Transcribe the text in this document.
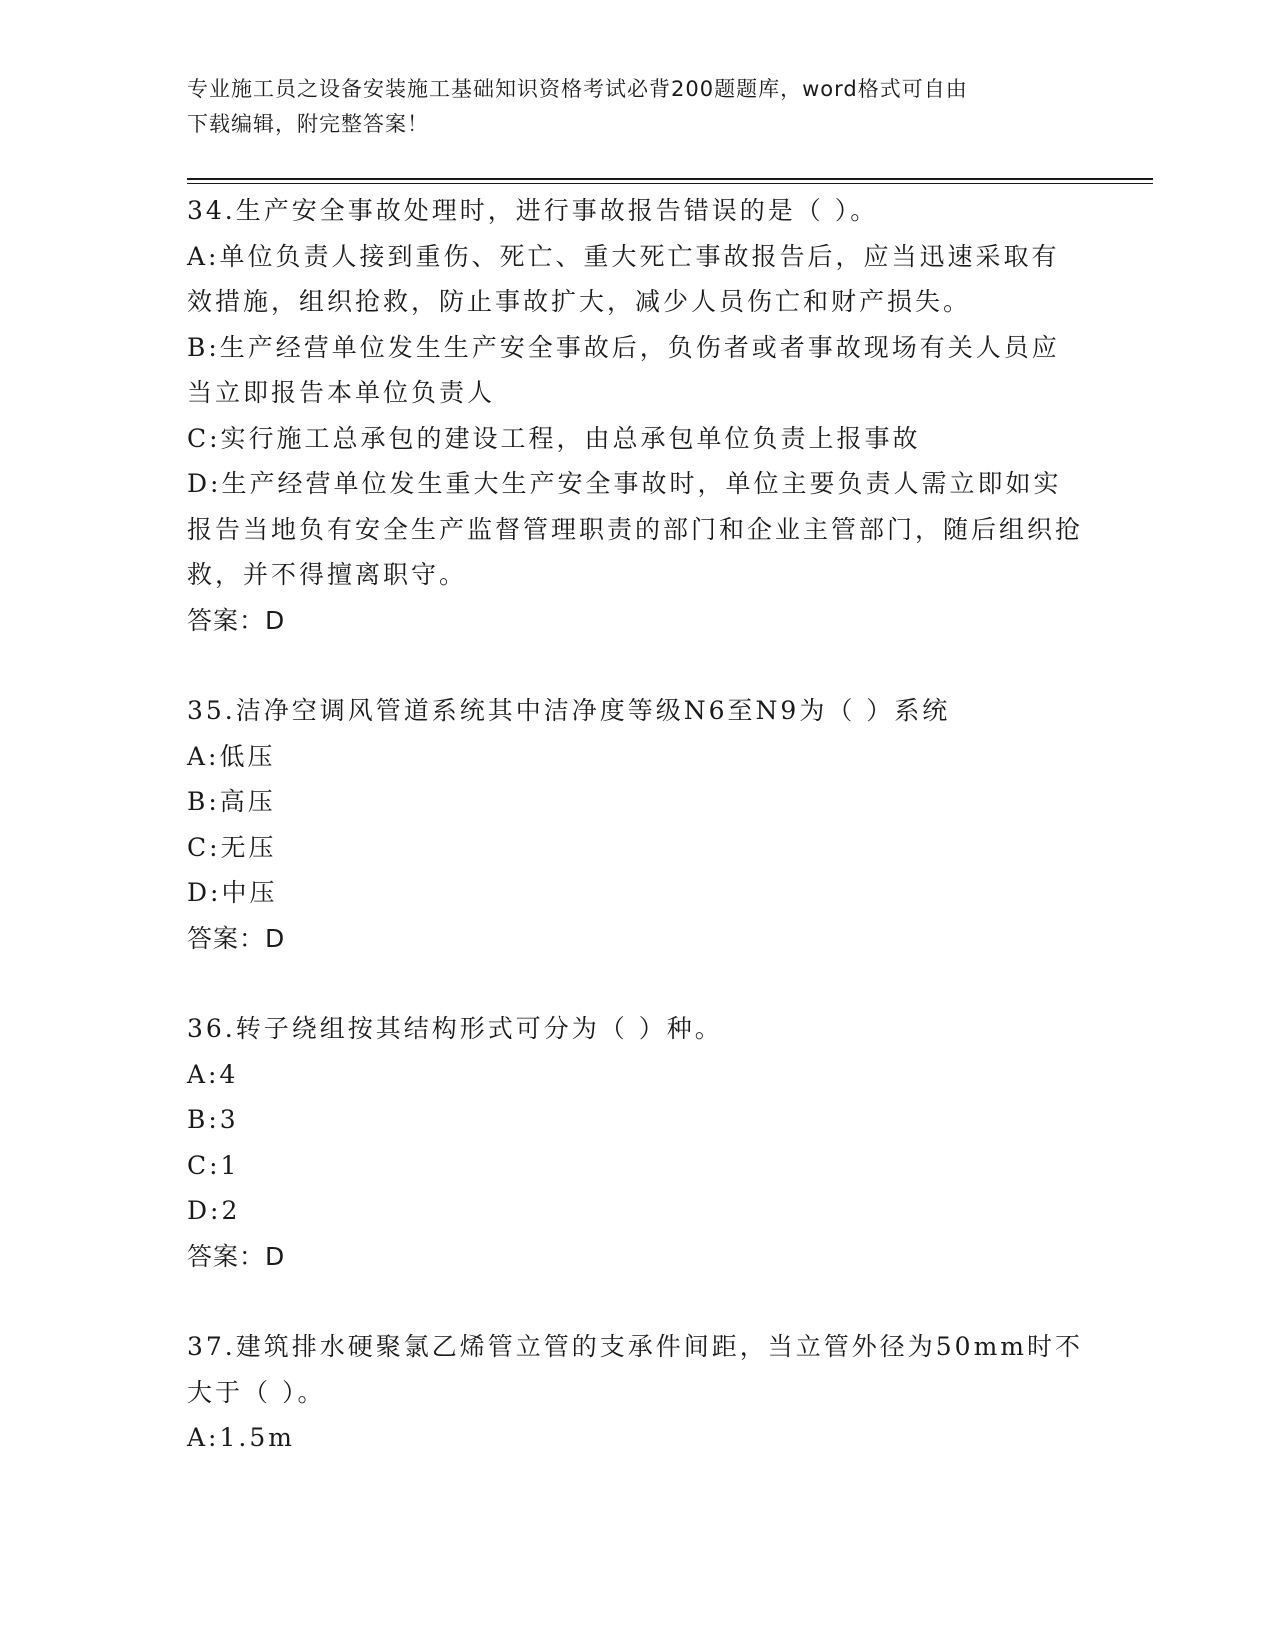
专业施工员之设备安装施工基础知识资格考试必背200题题库，word格式可自由
下载编辑，附完整答案！
34.生产安全事故处理时，进行事故报告错误的是（ ）。
A:单位负责人接到重伤、死亡、重大死亡事故报告后，应当迅速采取有效措施，组织抢救，防止事故扩大，减少人员伤亡和财产损失。
B:生产经营单位发生生产安全事故后，负伤者或者事故现场有关人员应当立即报告本单位负责人
C:实行施工总承包的建设工程，由总承包单位负责上报事故
D:生产经营单位发生重大生产安全事故时，单位主要负责人需立即如实报告当地负有安全生产监督管理职责的部门和企业主管部门，随后组织抢救，并不得擅离职守。
答案：D
35.洁净空调风管道系统其中洁净度等级N6至N9为（ ）系统
A:低压
B:高压
C:无压
D:中压
答案：D
36.转子绕组按其结构形式可分为（ ）种。
A:4
B:3
C:1
D:2
答案：D
37.建筑排水硬聚氯乙烯管立管的支承件间距，当立管外径为50mm时不大于（ ）。
A:1.5m
